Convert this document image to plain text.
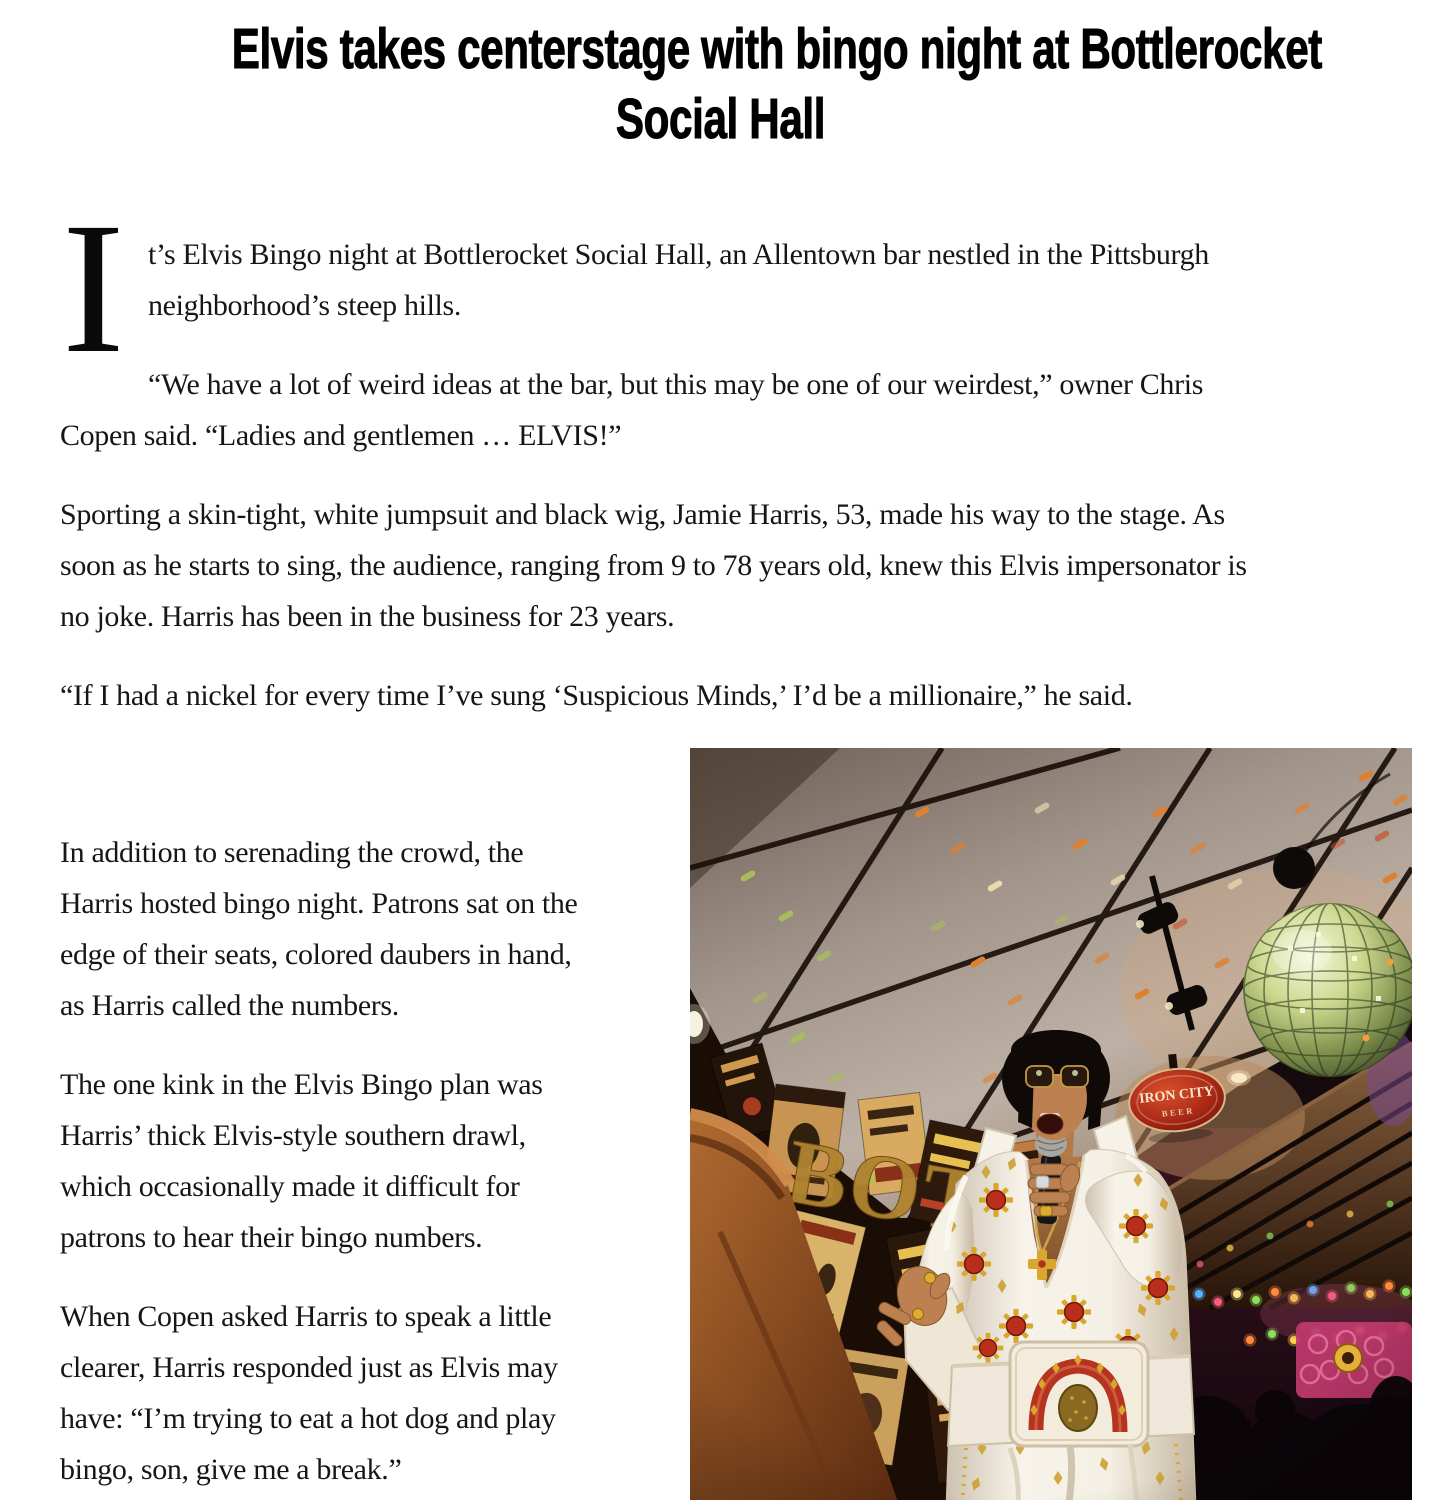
Elvis takes centerstage with bingo night at Bottlerocket
Social Hall

I t’s Elvis Bingo night at Bottlerocket Social Hall, an Allentown bar nestled in the Pittsburgh
neighborhood’s steep hills.

“We have a lot of weird ideas at the bar, but this may be one of our weirdest,” owner Chris
Copen said. “Ladies and gentlemen … ELVIS!”

Sporting a skin-tight, white jumpsuit and black wig, Jamie Harris, 53, made his way to the stage. As
soon as he starts to sing, the audience, ranging from 9 to 78 years old, knew this Elvis impersonator is
no joke. Harris has been in the business for 23 years.

“If I had a nickel for every time I’ve sung ‘Suspicious Minds,’ I’d be a millionaire,” he said.

In addition to serenading the crowd, the
Harris hosted bingo night. Patrons sat on the
edge of their seats, colored daubers in hand,
as Harris called the numbers.

The one kink in the Elvis Bingo plan was
Harris’ thick Elvis-style southern drawl,
which occasionally made it difficult for
patrons to hear their bingo numbers.

When Copen asked Harris to speak a little
clearer, Harris responded just as Elvis may
have: “I’m trying to eat a hot dog and play
bingo, son, give me a break.”
